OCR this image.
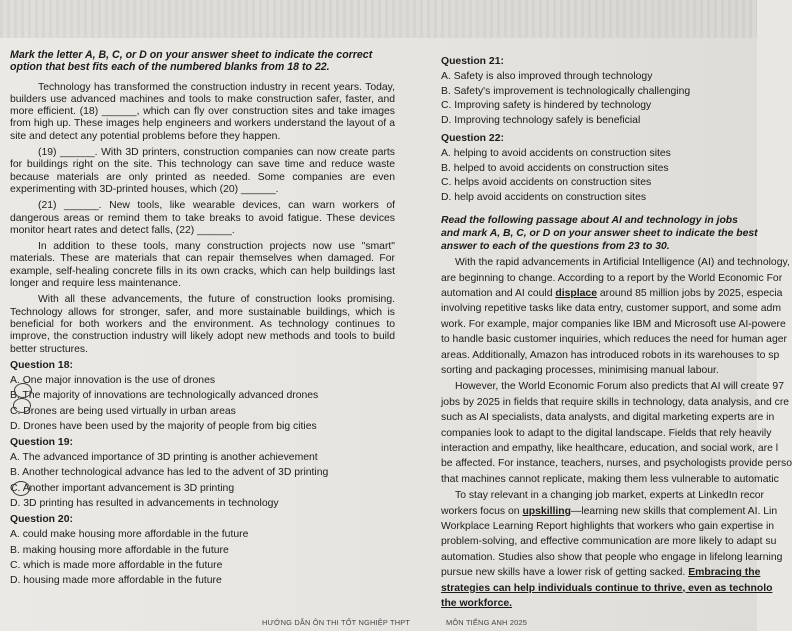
Mark the letter A, B, C, or D on your answer sheet to indicate the correct option that best fits each of the numbered blanks from 18 to 22.

Technology has transformed the construction industry in recent years. Today, builders use advanced machines and tools to make construction safer, faster, and more efficient. (18) ______, which can fly over construction sites and take images from high up. These images help engineers and workers understand the layout of a site and detect any potential problems before they happen.

(19) ______. With 3D printers, construction companies can now create parts for buildings right on the site. This technology can save time and reduce waste because materials are only printed as needed. Some companies are even experimenting with 3D-printed houses, which (20) ______.

(21) ______. New tools, like wearable devices, can warn workers of dangerous areas or remind them to take breaks to avoid fatigue. These devices monitor heart rates and detect falls, (22) ______.

In addition to these tools, many construction projects now use "smart" materials. These are materials that can repair themselves when damaged. For example, self-healing concrete fills in its own cracks, which can help buildings last longer and require less maintenance.

With all these advancements, the future of construction looks promising. Technology allows for stronger, safer, and more sustainable buildings, which is beneficial for both workers and the environment. As technology continues to improve, the construction industry will likely adopt new methods and tools to build better structures.

Question 18:
A. One major innovation is the use of drones
B. The majority of innovations are technologically advanced drones
C. Drones are being used virtually in urban areas
D. Drones have been used by the majority of people from big cities
Question 19:
A. The advanced importance of 3D printing is another achievement
B. Another technological advance has led to the advent of 3D printing
C. Another important advancement is 3D printing
D. 3D printing has resulted in advancements in technology
Question 20:
A. could make housing more affordable in the future
B. making housing more affordable in the future
C. which is made more affordable in the future
D. housing made more affordable in the future
Question 21:
A. Safety is also improved through technology
B. Safety's improvement is technologically challenging
C. Improving safety is hindered by technology
D. Improving technology safely is beneficial
Question 22:
A. helping to avoid accidents on construction sites
B. helped to avoid accidents on construction sites
C. helps avoid accidents on construction sites
D. help avoid accidents on construction sites

Read the following passage about AI and technology in jobs and mark A, B, C, or D on your answer sheet to indicate the best answer to each of the questions from 23 to 30.

With the rapid advancements in Artificial Intelligence (AI) and technology,
are beginning to change. According to a report by the World Economic For
automation and AI could displace around 85 million jobs by 2025, especia
involving repetitive tasks like data entry, customer support, and some adm
work. For example, major companies like IBM and Microsoft use AI-powere
to handle basic customer inquiries, which reduces the need for human ager
areas. Additionally, Amazon has introduced robots in its warehouses to sp
sorting and packaging processes, minimising manual labour.
However, the World Economic Forum also predicts that AI will create 97
jobs by 2025 in fields that require skills in technology, data analysis, and cre
such as AI specialists, data analysts, and digital marketing experts are in
companies look to adapt to the digital landscape. Fields that rely heavily
interaction and empathy, like healthcare, education, and social work, are l
be affected. For instance, teachers, nurses, and psychologists provide perso
that machines cannot replicate, making them less vulnerable to automatic
To stay relevant in a changing job market, experts at LinkedIn recor
workers focus on upskilling—learning new skills that complement AI. Lin
Workplace Learning Report highlights that workers who gain expertise in
problem-solving, and effective communication are more likely to adapt su
automation. Studies also show that people who engage in lifelong learning
pursue new skills have a lower risk of getting sacked. Embracing the
strategies can help individuals continue to thrive, even as technolo
the workforce.
HƯỚNG DẪN ÔN THI TỐT NGHIỆP THPT	MÔN TIẾNG ANH 2025
